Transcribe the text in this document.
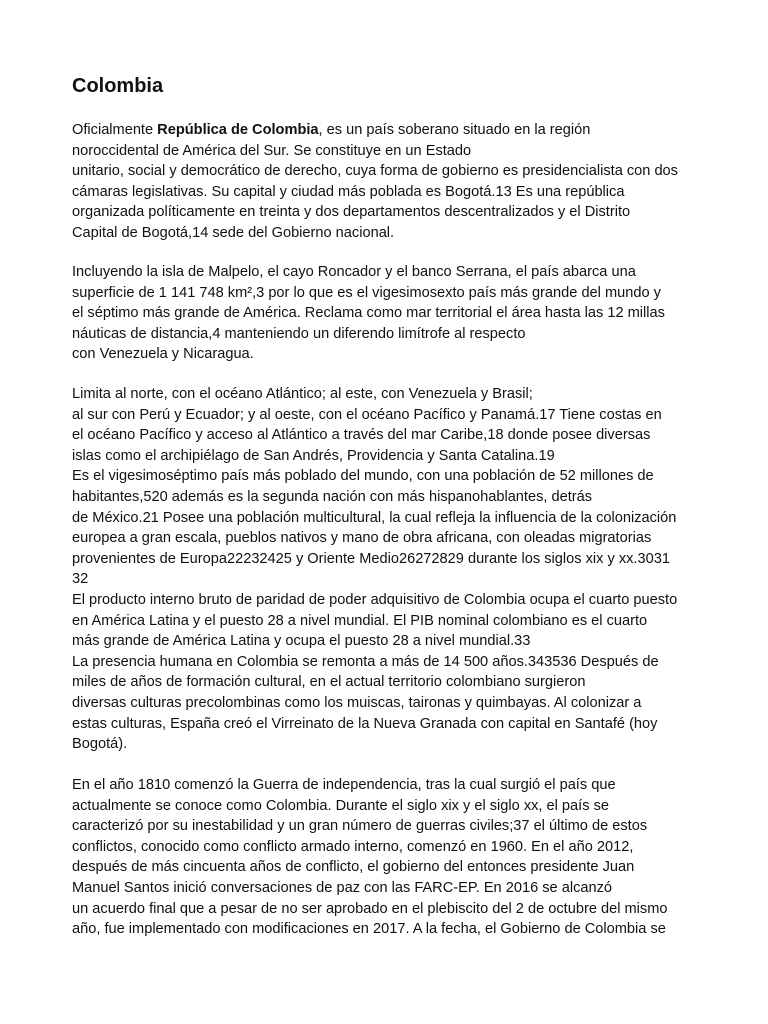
Colombia
Oficialmente República de Colombia, es un país soberano situado en la región
noroccidental de América del Sur. Se constituye en un Estado
unitario, social y democrático de derecho, cuya forma de gobierno es presidencialista con dos
cámaras legislativas. Su capital y ciudad más poblada es Bogotá.13 Es una república
organizada políticamente en treinta y dos departamentos descentralizados y el Distrito
Capital de Bogotá,14 sede del Gobierno nacional.
Incluyendo la isla de Malpelo, el cayo Roncador y el banco Serrana, el país abarca una
superficie de 1 141 748 km²,3 por lo que es el vigesimosexto país más grande del mundo y
el séptimo más grande de América. Reclama como mar territorial el área hasta las 12 millas
náuticas de distancia,4 manteniendo un diferendo limítrofe al respecto
con Venezuela y Nicaragua.
Limita al norte, con el océano Atlántico; al este, con Venezuela y Brasil;
al sur con Perú y Ecuador; y al oeste, con el océano Pacífico y Panamá.17 Tiene costas en
el océano Pacífico y acceso al Atlántico a través del mar Caribe,18 donde posee diversas
islas como el archipiélago de San Andrés, Providencia y Santa Catalina.19
Es el vigesimoséptimo país más poblado del mundo, con una población de 52 millones de
habitantes,520 además es la segunda nación con más hispanohablantes, detrás
de México.21 Posee una población multicultural, la cual refleja la influencia de la colonización
europea a gran escala, pueblos nativos y mano de obra africana, con oleadas migratorias
provenientes de Europa22232425 y Oriente Medio26272829 durante los siglos xix y xx.3031
32
El producto interno bruto de paridad de poder adquisitivo de Colombia ocupa el cuarto puesto
en América Latina y el puesto 28 a nivel mundial. El PIB nominal colombiano es el cuarto
más grande de América Latina y ocupa el puesto 28 a nivel mundial.33
La presencia humana en Colombia se remonta a más de 14 500 años.343536 Después de
miles de años de formación cultural, en el actual territorio colombiano surgieron
diversas culturas precolombinas como los muiscas, taironas y quimbayas. Al colonizar a
estas culturas, España creó el Virreinato de la Nueva Granada con capital en Santafé (hoy
Bogotá).
En el año 1810 comenzó la Guerra de independencia, tras la cual surgió el país que
actualmente se conoce como Colombia. Durante el siglo xix y el siglo xx, el país se
caracterizó por su inestabilidad y un gran número de guerras civiles;37 el último de estos
conflictos, conocido como conflicto armado interno, comenzó en 1960. En el año 2012,
después de más cincuenta años de conflicto, el gobierno del entonces presidente Juan
Manuel Santos inició conversaciones de paz con las FARC-EP. En 2016 se alcanzó
un acuerdo final que a pesar de no ser aprobado en el plebiscito del 2 de octubre del mismo
año, fue implementado con modificaciones en 2017. A la fecha, el Gobierno de Colombia se
